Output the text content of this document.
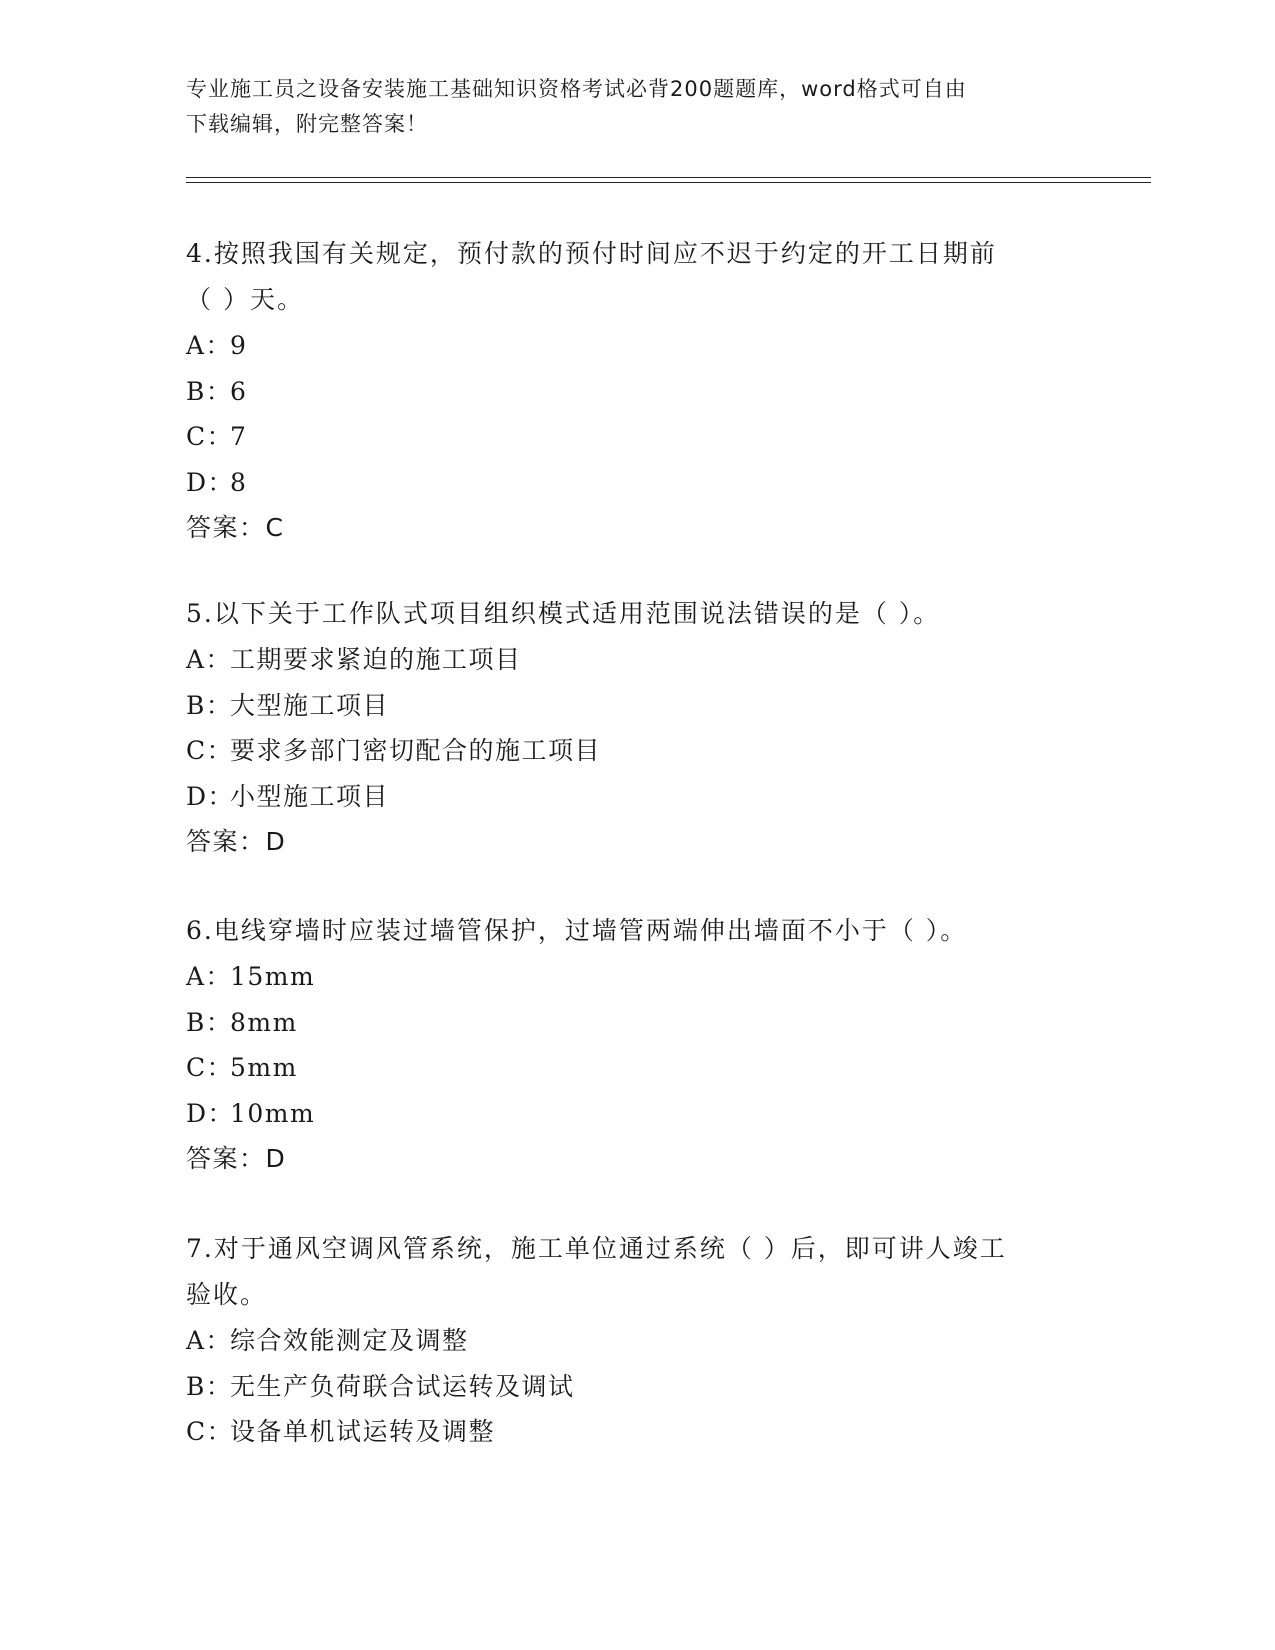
专业施工员之设备安装施工基础知识资格考试必背200题题库，word格式可自由
下载编辑，附完整答案！
4.按照我国有关规定，预付款的预付时间应不迟于约定的开工日期前
（ ）天。
A：9
B：6
C：7
D：8
答案：C
5.以下关于工作队式项目组织模式适用范围说法错误的是（ ）。
A：工期要求紧迫的施工项目
B：大型施工项目
C：要求多部门密切配合的施工项目
D：小型施工项目
答案：D
6.电线穿墙时应装过墙管保护，过墙管两端伸出墙面不小于（ ）。
A：15mm
B：8mm
C：5mm
D：10mm
答案：D
7.对于通风空调风管系统，施工单位通过系统（ ）后，即可讲人竣工
验收。
A：综合效能测定及调整
B：无生产负荷联合试运转及调试
C：设备单机试运转及调整
